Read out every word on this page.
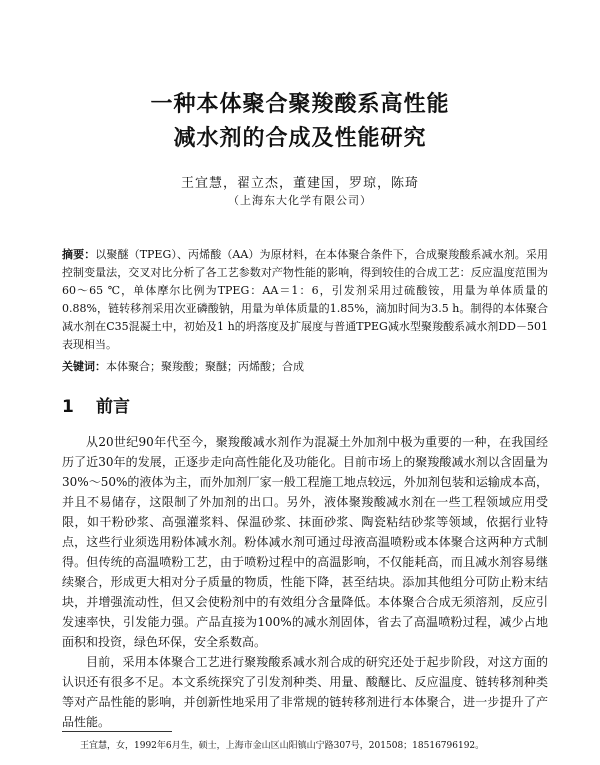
一种本体聚合聚羧酸系高性能
减水剂的合成及性能研究
王宜慧，翟立杰，董建国，罗琼，陈琦
（上海东大化学有限公司）
摘要：以聚醚（TPEG）、丙烯酸（AA）为原材料，在本体聚合条件下，合成聚羧酸系减水剂。采用控制变量法，交叉对比分析了各工艺参数对产物性能的影响，得到较佳的合成工艺：反应温度范围为60～65 ℃，单体摩尔比例为TPEG：AA＝1：6，引发剂采用过硫酸铵，用量为单体质量的0.88%，链转移剂采用次亚磷酸钠，用量为单体质量的1.85%，滴加时间为3.5 h。制得的本体聚合减水剂在C35混凝土中，初始及1 h的坍落度及扩展度与普通TPEG减水型聚羧酸系减水剂DD－501表现相当。
关键词：本体聚合；聚羧酸；聚醚；丙烯酸；合成
1 前言

从20世纪90年代至今，聚羧酸减水剂作为混凝土外加剂中极为重要的一种，在我国经历了近30年的发展，正逐步走向高性能化及功能化。目前市场上的聚羧酸减水剂以含固量为30%～50%的液体为主，而外加剂厂家一般工程施工地点较远，外加剂包装和运输成本高，并且不易储存，这限制了外加剂的出口。另外，液体聚羧酸减水剂在一些工程领域应用受限，如干粉砂浆、高强灌浆料、保温砂浆、抹面砂浆、陶瓷粘结砂浆等领域，依据行业特点，这些行业须选用粉体减水剂。粉体减水剂可通过母液高温喷粉或本体聚合这两种方式制得。但传统的高温喷粉工艺，由于喷粉过程中的高温影响，不仅能耗高，而且减水剂容易继续聚合，形成更大相对分子质量的物质，性能下降，甚至结块。添加其他组分可防止粉末结块，并增强流动性，但又会使粉剂中的有效组分含量降低。本体聚合合成无须溶剂，反应引发速率快，引发能力强。产品直接为100%的减水剂固体，省去了高温喷粉过程，减少占地面积和投资，绿色环保，安全系数高。

目前，采用本体聚合工艺进行聚羧酸系减水剂合成的研究还处于起步阶段，对这方面的认识还有很多不足。本文系统探究了引发剂种类、用量、酸醚比、反应温度、链转移剂种类等对产品性能的影响，并创新性地采用了非常规的链转移剂进行本体聚合，进一步提升了产品性能。

王宜慧，女，1992年6月生，硕士，上海市金山区山阳镇山宁路307号，201508；18516796192。
